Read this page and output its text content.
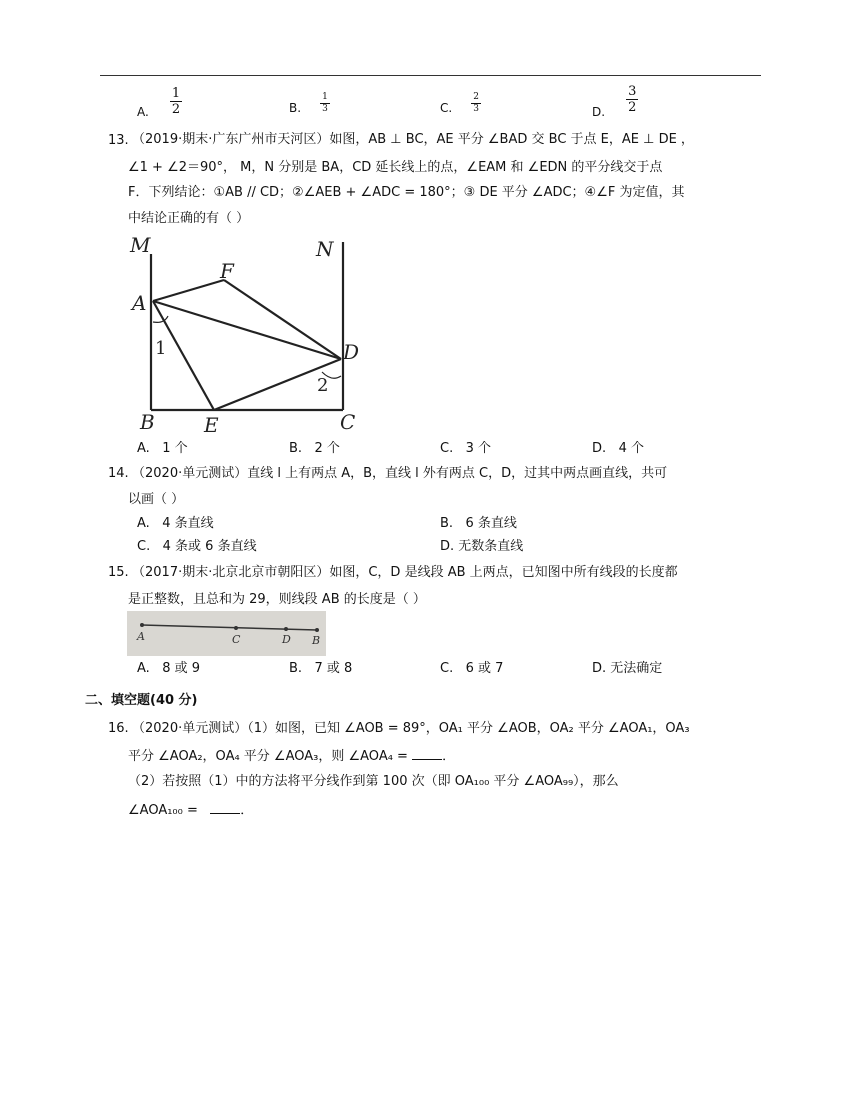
$_{A.} \frac{1}{2}$	$_{B.} \frac{1}{3}$	$_{C.} \frac{2}{3}$	$_{D.} \frac{3}{2}$
13. （2019·期末·广东广州市天河区）如图，AB ⊥ BC，AE 平分 ∠BAD 交 BC 于点 E，AE ⊥ DE ，
∠1 + ∠2＝90°， M，N 分别是 BA，CD 延长线上的点，∠EAM 和 ∠EDN 的平分线交于点
F．下列结论：①AB // CD；②∠AEB + ∠ADC = 180°；③ DE 平分 ∠ADC；④∠F 为定值，其
中结论正确的有（ ）
M	N
A
F
D
B E	C
1
2
A. 1 个	B. 2 个	C. 3 个	D. 4 个
14. （2020·单元测试）直线 l 上有两点 A，B，直线 l 外有两点 C，D，过其中两点画直线，共可
以画（ ）
A. 4 条直线	B. 6 条直线
C. 4 条或 6 条直线	D. 无数条直线
15. （2017·期末·北京北京市朝阳区）如图，C，D 是线段 AB 上两点，已知图中所有线段的长度都
是正整数，且总和为 29，则线段 AB 的长度是（ ）
A	C	D B
A. 8 或 9	B. 7 或 8	C. 6 或 7	D. 无法确定
二、填空题(40 分)
16. （2020·单元测试）（1）如图，已知 ∠AOB = 89°，OA₁ 平分 ∠AOB，OA₂ 平分 ∠AOA₁，OA₃
平分 ∠AOA₂，OA₄ 平分 ∠AOA₃，则 ∠AOA₄ =	．
（2）若按照（1）中的方法将平分线作到第 100 次（即 OA₁₀₀ 平分 ∠AOA₉₉），那么
∠AOA₁₀₀ =	．
